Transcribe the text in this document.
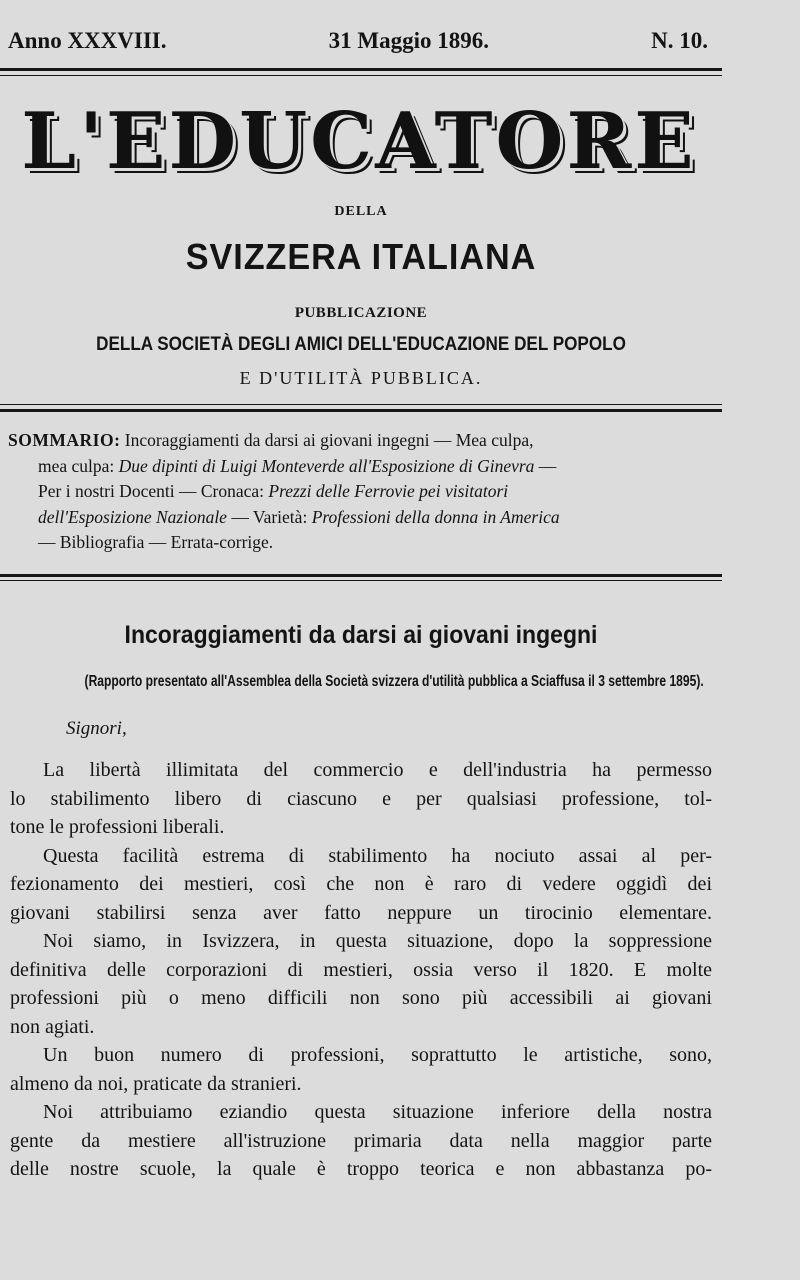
Anno XXXVIII.	31 Maggio 1896.	N. 10.
L'EDUCATORE
DELLA
SVIZZERA ITALIANA
PUBBLICAZIONE
DELLA SOCIETÀ DEGLI AMICI DELL'EDUCAZIONE DEL POPOLO
E D'UTILITÀ PUBBLICA.
SOMMARIO: Incoraggiamenti da darsi ai giovani ingegni — Mea culpa,
mea culpa: Due dipinti di Luigi Monteverde all'Esposizione di Ginevra —
Per i nostri Docenti — Cronaca: Prezzi delle Ferrovie pei visitatori
dell'Esposizione Nazionale — Varietà: Professioni della donna in America
— Bibliografia — Errata-corrige.
Incoraggiamenti da darsi ai giovani ingegni
(Rapporto presentato all'Assemblea della Società svizzera d'utilità pubblica a Sciaffusa il 3 settembre 1895).
Signori,
La libertà illimitata del commercio e dell'industria ha permesso
lo stabilimento libero di ciascuno e per qualsiasi professione, tol-
tone le professioni liberali.
Questa facilità estrema di stabilimento ha nociuto assai al per-
fezionamento dei mestieri, così che non è raro di vedere oggidì dei
giovani stabilirsi senza aver fatto neppure un tirocinio elementare.
Noi siamo, in Isvizzera, in questa situazione, dopo la soppressione
definitiva delle corporazioni di mestieri, ossia verso il 1820. E molte
professioni più o meno difficili non sono più accessibili ai giovani
non agiati.
Un buon numero di professioni, soprattutto le artistiche, sono,
almeno da noi, praticate da stranieri.
Noi attribuiamo eziandio questa situazione inferiore della nostra
gente da mestiere all'istruzione primaria data nella maggior parte
delle nostre scuole, la quale è troppo teorica e non abbastanza po-
